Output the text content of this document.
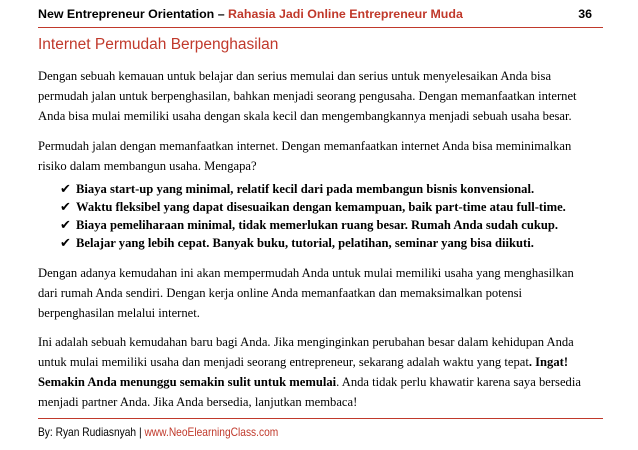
New Entrepreneur Orientation – Rahasia Jadi Online Entrepreneur Muda	36
Internet Permudah Berpenghasilan
Dengan sebuah kemauan untuk belajar dan serius memulai dan serius untuk menyelesaikan Anda bisa
permudah jalan untuk berpenghasilan, bahkan menjadi seorang pengusaha. Dengan memanfaatkan internet
Anda bisa mulai memiliki usaha dengan skala kecil dan mengembangkannya menjadi sebuah usaha besar.
Permudah jalan dengan memanfaatkan internet. Dengan memanfaatkan internet Anda bisa meminimalkan
risiko dalam membangun usaha. Mengapa?
✔ Biaya start-up yang minimal, relatif kecil dari pada membangun bisnis konvensional.
✔ Waktu fleksibel yang dapat disesuaikan dengan kemampuan, baik part-time atau full-time.
✔ Biaya pemeliharaan minimal, tidak memerlukan ruang besar. Rumah Anda sudah cukup.
✔ Belajar yang lebih cepat. Banyak buku, tutorial, pelatihan, seminar yang bisa diikuti.
Dengan adanya kemudahan ini akan mempermudah Anda untuk mulai memiliki usaha yang menghasilkan
dari rumah Anda sendiri. Dengan kerja online Anda memanfaatkan dan memaksimalkan potensi
berpenghasilan melalui internet.
Ini adalah sebuah kemudahan baru bagi Anda. Jika menginginkan perubahan besar dalam kehidupan Anda
untuk mulai memiliki usaha dan menjadi seorang entrepreneur, sekarang adalah waktu yang tepat. Ingat!
Semakin Anda menunggu semakin sulit untuk memulai. Anda tidak perlu khawatir karena saya bersedia
menjadi partner Anda. Jika Anda bersedia, lanjutkan membaca!
By: Ryan Rudiasnyah | www.NeoElearningClass.com
